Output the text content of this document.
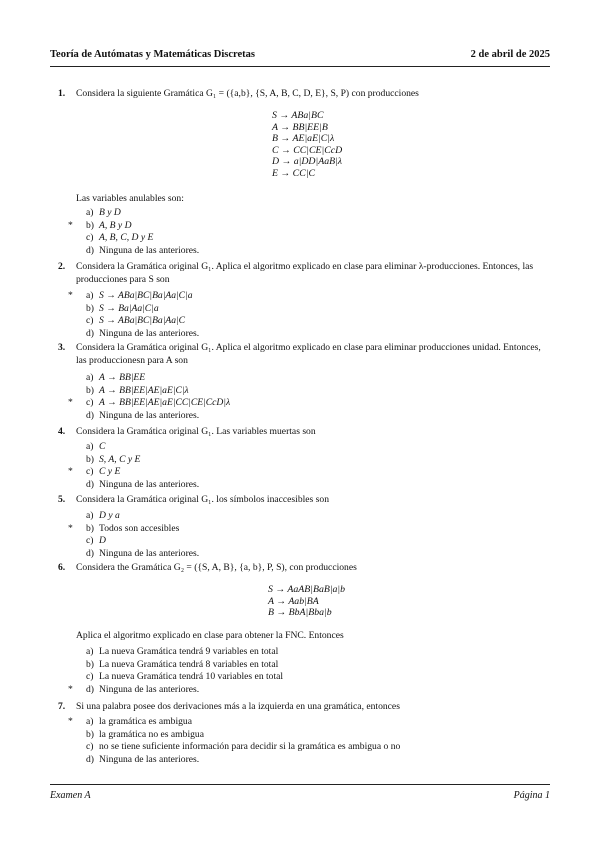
Teoría de Autómatas y Matemáticas Discretas	2 de abril de 2025
1. Considera la siguiente Gramática G₁ = ({a,b}, {S, A, B, C, D, E}, S, P) con producciones
S → ABa|BC
A → BB|EE|B
B → AE|aE|C|λ
C → CC|CE|CcD
D → a|DD|AaB|λ
E → CC|C
Las variables anulables son:
a) B y D
* b) A, B y D
c) A, B, C, D y E
d) Ninguna de las anteriores.
2. Considera la Gramática original G₁. Aplica el algoritmo explicado en clase para eliminar λ-producciones. Entonces, las producciones para S son
* a) S → ABa|BC|Ba|Aa|C|a
b) S → Ba|Aa|C|a
c) S → ABa|BC|Ba|Aa|C
d) Ninguna de las anteriores.
3. Considera la Gramática original G₁. Aplica el algoritmo explicado en clase para eliminar producciones unidad. Entonces, las produccionesn para A son
a) A → BB|EE
b) A → BB|EE|AE|aE|C|λ
* c) A → BB|EE|AE|aE|CC|CE|CcD|λ
d) Ninguna de las anteriores.
4. Considera la Gramática original G₁. Las variables muertas son
a) C
b) S, A, C y E
* c) C y E
d) Ninguna de las anteriores.
5. Considera la Gramática original G₁. los símbolos inaccesibles son
a) D y a
* b) Todos son accesibles
c) D
d) Ninguna de las anteriores.
6. Considera the Gramática G₂ = ({S, A, B}, {a, b}, P, S), con producciones
S → AaAB|BaB|a|b
A → Aab|BA
B → BbA|Bba|b
Aplica el algoritmo explicado en clase para obtener la FNC. Entonces
a) La nueva Gramática tendrá 9 variables en total
b) La nueva Gramática tendrá 8 variables en total
c) La nueva Gramática tendrá 10 variables en total
* d) Ninguna de las anteriores.
7. Si una palabra posee dos derivaciones más a la izquierda en una gramática, entonces
* a) la gramática es ambigua
b) la gramática no es ambigua
c) no se tiene suficiente información para decidir si la gramática es ambigua o no
d) Ninguna de las anteriores.
Examen A	Página 1
